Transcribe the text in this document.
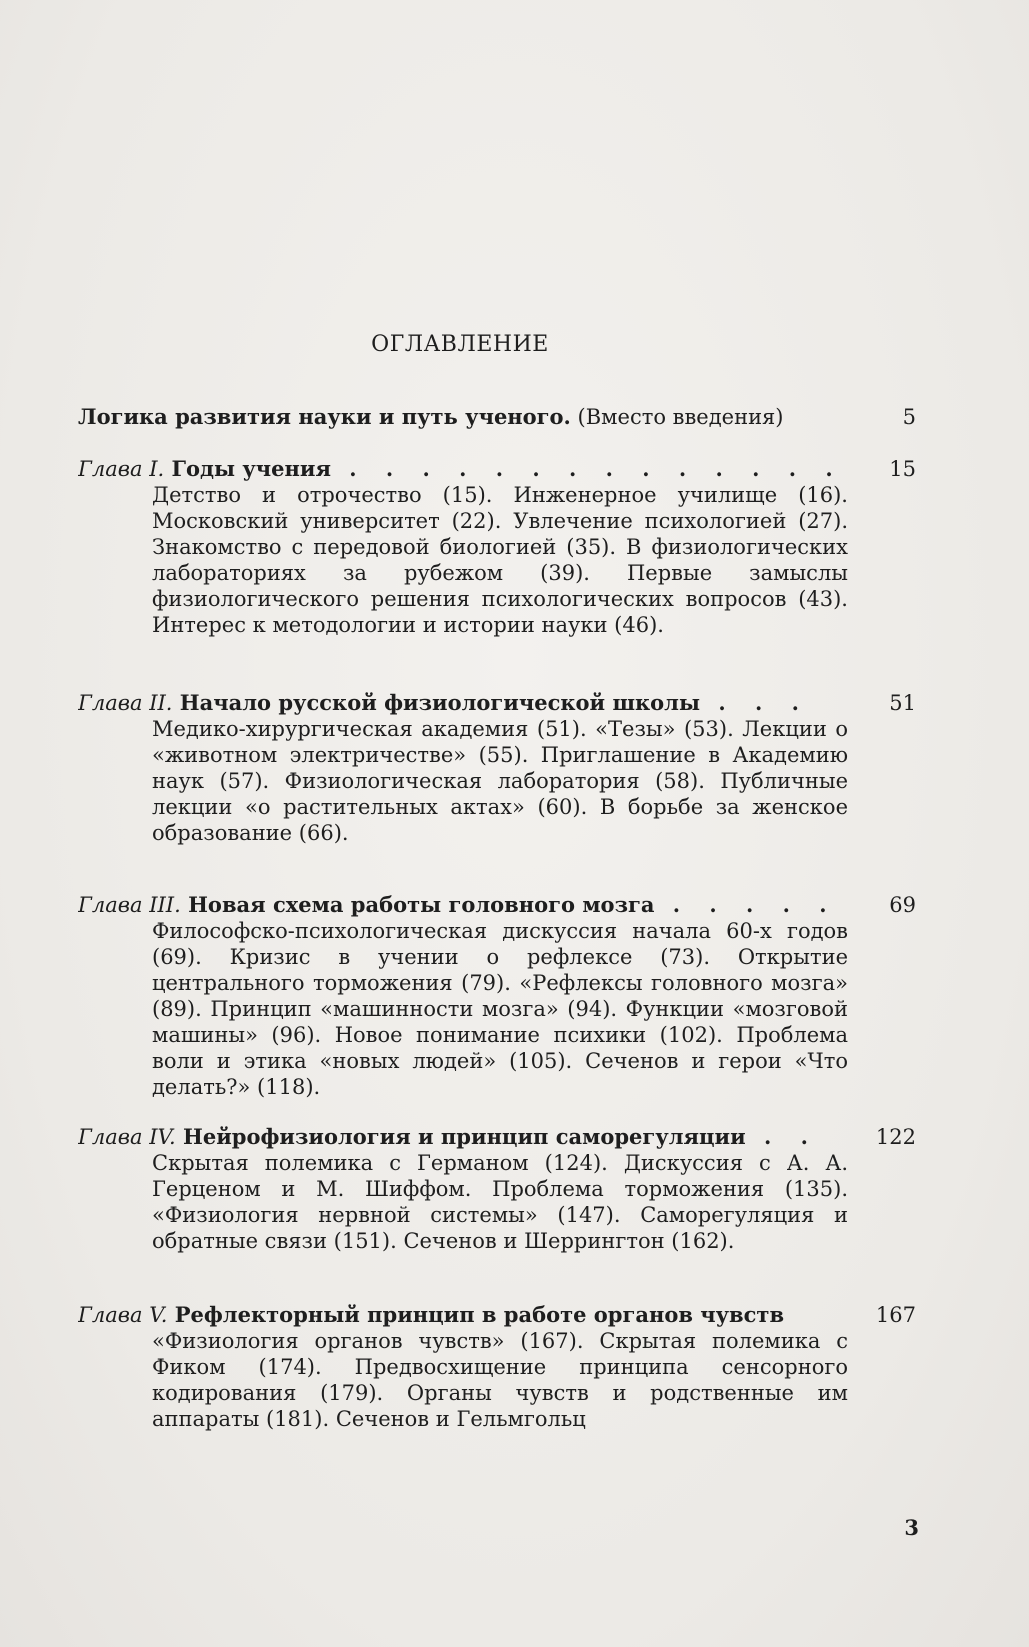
ОГЛАВЛЕНИЕ
Логика развития науки и путь ученого. (Вместо введения)	5
Глава I. Годы учения . . . . . . . . . . . . . .
Детство и отрочество (15). Инженерное училище (16). Московский университет (22). Увлечение психологией (27). Знакомство с передовой биологией (35). В физиологических лабораториях за рубежом (39). Первые замыслы физиологического решения психологических вопросов (43). Интерес к методологии и истории науки (46).
15
Глава II. Начало русской физиологической школы . . .
Медико-хирургическая академия (51). «Тезы» (53). Лекции о «животном электричестве» (55). Приглашение в Академию наук (57). Физиологическая лаборатория (58). Публичные лекции «о растительных актах» (60). В борьбе за женское образование (66).
51
Глава III. Новая схема работы головного мозга . . . . .
Философско-психологическая дискуссия начала 60-х годов (69). Кризис в учении о рефлексе (73). Открытие центрального торможения (79). «Рефлексы головного мозга» (89). Принцип «машинности мозга» (94). Функции «мозговой машины» (96). Новое понимание психики (102). Проблема воли и этика «новых людей» (105). Сеченов и герои «Что делать?» (118).
69
Глава IV. Нейрофизиология и принцип саморегуляции . .
Скрытая полемика с Германом (124). Дискуссия с А. А. Герценом и М. Шиффом. Проблема торможения (135). «Физиология нервной системы» (147). Саморегуляция и обратные связи (151). Сеченов и Шеррингтон (162).
122
Глава V. Рефлекторный принцип в работе органов чувств
«Физиология органов чувств» (167). Скрытая полемика с Фиком (174). Предвосхищение принципа сенсорного кодирования (179). Органы чувств и родственные им аппараты (181). Сеченов и Гельмгольц
167
3
